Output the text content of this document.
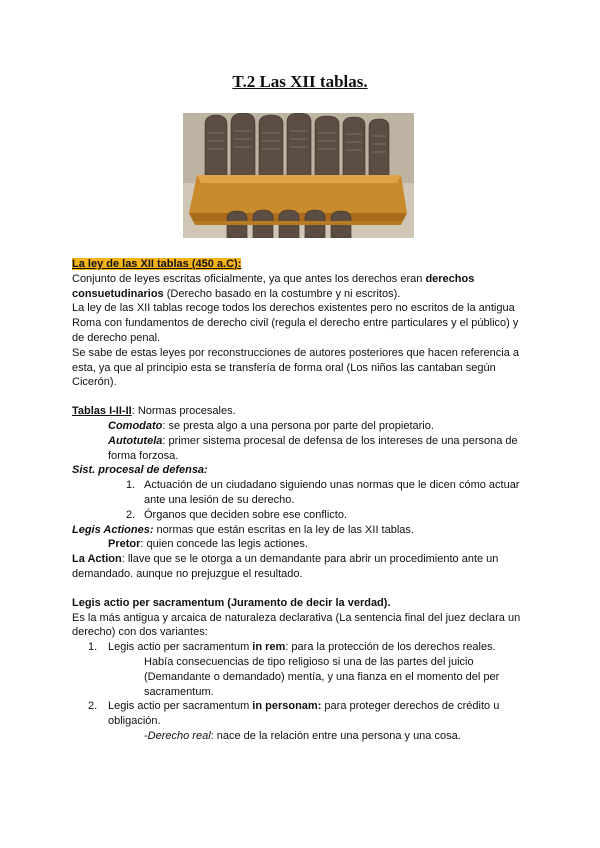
T.2 Las XII tablas.

La ley de las XII tablas (450 a.C):

Conjunto de leyes escritas oficialmente, ya que antes los derechos eran derechos consuetudinarios (Derecho basado en la costumbre y ni escritos).

La ley de las XII tablas recoge todos los derechos existentes pero no escritos de la antigua Roma con fundamentos de derecho civil (regula el derecho entre particulares y el público) y de derecho penal.

Se sabe de estas leyes por reconstrucciones de autores posteriores que hacen referencia a esta, ya que al principio esta se transfería de forma oral (Los niños las cantaban según Cicerón).

Tablas I-II-II: Normas procesales.

Comodato: se presta algo a una persona por parte del propietario.

Autotutela: primer sistema procesal de defensa de los intereses de una persona de forma forzosa.

Sist. procesal de defensa:

1. Actuación de un ciudadano siguiendo unas normas que le dicen cómo actuar ante una lesión de su derecho.
2. Órganos que deciden sobre ese conflicto.

Legis Actiones: normas que están escritas en la ley de las XII tablas.

Pretor: quien concede las legis actiones.

La Action: llave que se le otorga a un demandante para abrir un procedimiento ante un demandado. aunque no prejuzgue el resultado.

Legis actio per sacramentum (Juramento de decir la verdad).

Es la más antigua y arcaica de naturaleza declarativa (La sentencia final del juez declara un derecho) con dos variantes:

1. Legis actio per sacramentum in rem: para la protección de los derechos reales.

Había consecuencias de tipo religioso si una de las partes del juicio (Demandante o demandado) mentía, y una fianza en el momento del per sacramentum.

2. Legis actio per sacramentum in personam: para proteger derechos de crédito u obligación.

-Derecho real: nace de la relación entre una persona y una cosa.
